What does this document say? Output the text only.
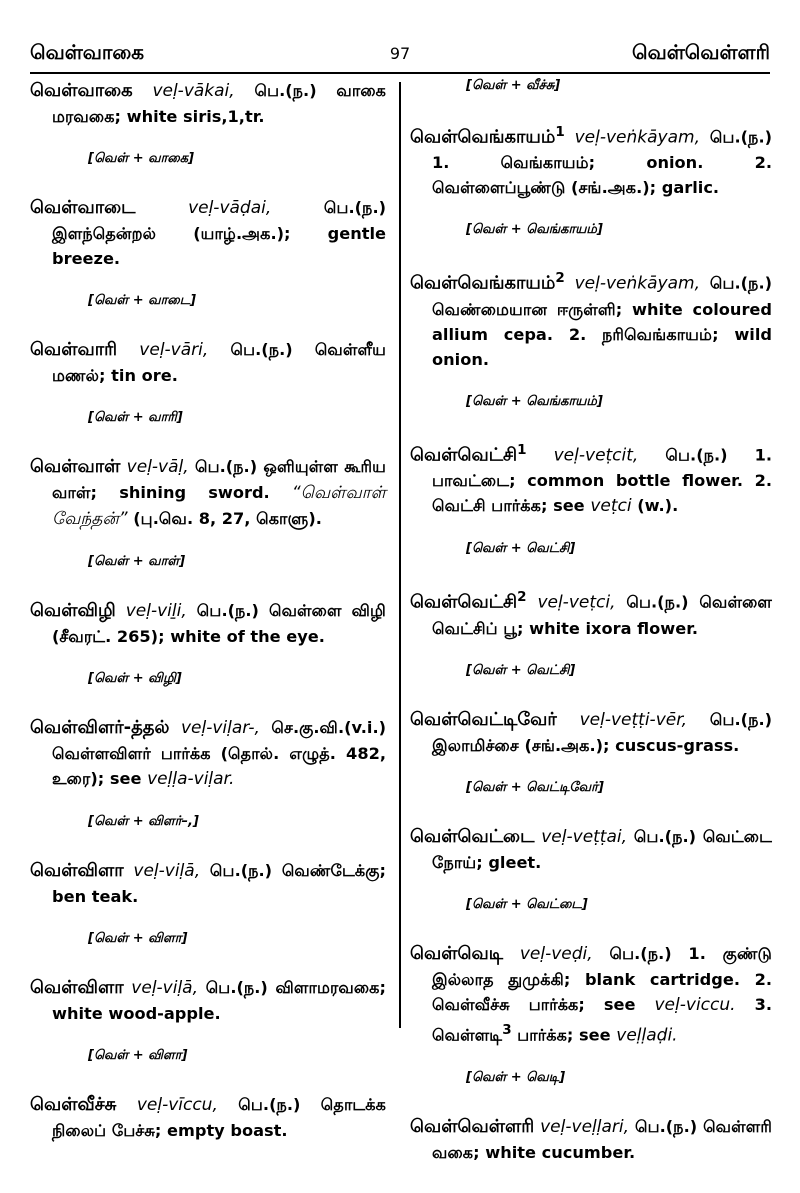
வெள்வாகை	97	வெள்வெள்ளரி

வெள்வாகை veḷ-vākai, பெ.(ந.) வாகை மரவகை; white siris,1,tr.

[வெள் + வாகை]

வெள்வாடை	veḷ-vāḍai,	பெ.(ந.) இளந்தென்றல் (யாழ்.அக.); gentle breeze.

[வெள் + வாடை]

வெள்வாரி veḷ-vāri, பெ.(ந.) வெள்ளீய மணல்; tin ore.

[வெள் + வாரி]

வெள்வாள் veḷ-vāḷ, பெ.(ந.) ஒளியுள்ள கூரிய வாள்; shining sword. “வெள்வாள் வேந்தன்” (பு.வெ. 8, 27, கொளு).

[வெள் + வாள்]

வெள்விழி veḷ-viḻi, பெ.(ந.) வெள்ளை விழி (சீவரட். 265); white of the eye.

[வெள் + விழி]

வெள்விளர்-த்தல் veḷ-viḷar-, செ.கு.வி.(v.i.) வெள்ளவிளர் பார்க்க (தொல். எழுத். 482, உரை); see veḷḷa-viḷar.

[வெள் + விளர்–,]

வெள்விளா veḷ-viḷā, பெ.(ந.) வெண்டேக்கு; ben teak.

[வெள் + விளா]

வெள்விளா veḷ-viḷā, பெ.(ந.) விளாமரவகை; white wood-apple.

[வெள் + விளா]

வெள்வீச்சு veḷ-vīccu, பெ.(ந.) தொடக்க நிலைப் பேச்சு; empty boast.

[வெள் + வீச்சு]

வெள்வெங்காயம்$^1$ veḷ-veṅkāyam, பெ.(ந.) 1. வெங்காயம்; onion. 2. வெள்ளைப்பூண்டு (சங்.அக.); garlic.

[வெள் + வெங்காயம்]

வெள்வெங்காயம்$^2$ veḷ-veṅkāyam, பெ.(ந.) வெண்மையான ஈருள்ளி; white coloured allium cepa. 2. நரிவெங்காயம்; wild onion.

[வெள் + வெங்காயம்]

வெள்வெட்சி$^1$ veḷ-veṭcit, பெ.(ந.) 1. பாவட்டை; common bottle flower. 2. வெட்சி பார்க்க; see veṭci (w.).

[வெள் + வெட்சி]

வெள்வெட்சி$^2$ veḷ-veṭci, பெ.(ந.) வெள்ளை வெட்சிப் பூ; white ixora flower.

[வெள் + வெட்சி]

வெள்வெட்டிவேர் veḷ-veṭṭi-vēr, பெ.(ந.) இலாமிச்சை (சங்.அக.); cuscus-grass.

[வெள் + வெட்டிவேர்]

வெள்வெட்டை veḷ-veṭṭai, பெ.(ந.) வெட்டை நோய்; gleet.

[வெள் + வெட்டை]

வெள்வெடி veḷ-veḍi, பெ.(ந.) 1. குண்டு இல்லாத துமுக்கி; blank cartridge. 2. வெள்வீச்சு பார்க்க; see veḷ-viccu. 3. வெள்ளடி$^3$ பார்க்க; see veḷḷaḍi.

[வெள் + வெடி]

வெள்வெள்ளரி veḷ-veḷḷari, பெ.(ந.) வெள்ளரி வகை; white cucumber.
